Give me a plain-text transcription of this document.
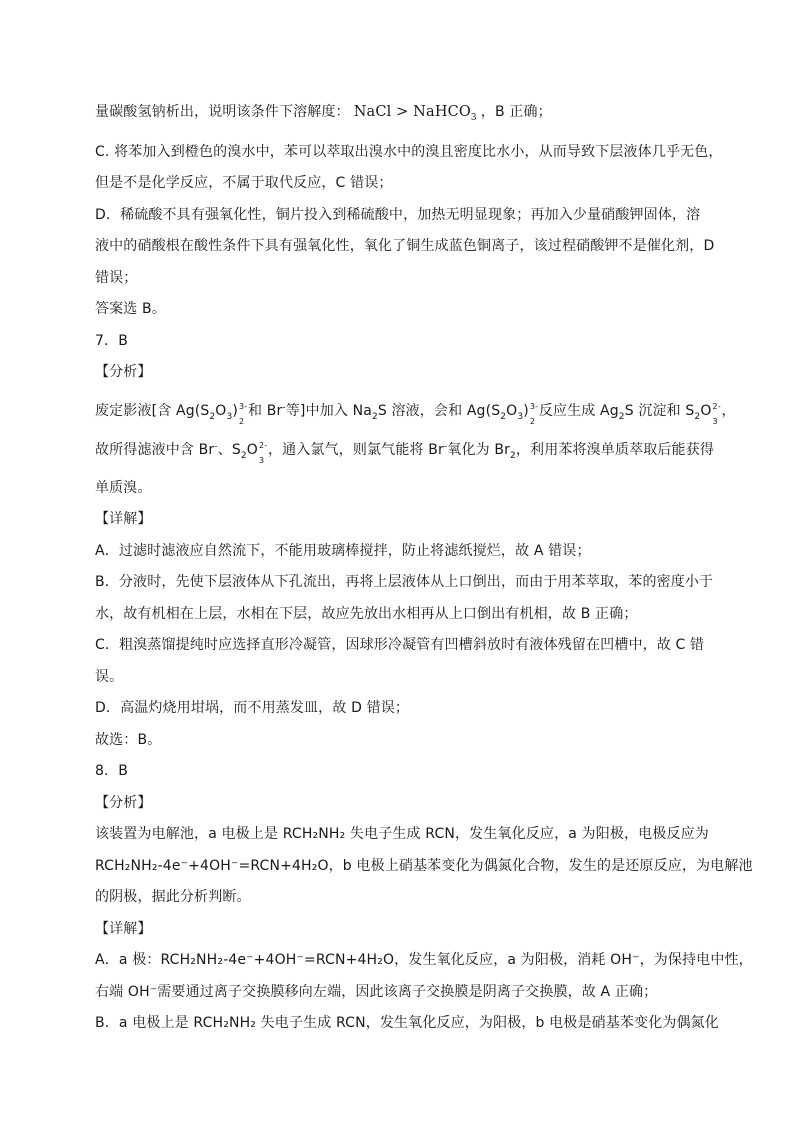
量碳酸氢钠析出，说明该条件下溶解度： NaCl > NaHCO$_3$ ，B 正确；
C. 将苯加入到橙色的溴水中，苯可以萃取出溴水中的溴且密度比水小，从而导致下层液体几乎无色，
但是不是化学反应，不属于取代反应，C 错误；
D．稀硫酸不具有强氧化性，铜片投入到稀硫酸中，加热无明显现象；再加入少量硝酸钾固体，溶
液中的硝酸根在酸性条件下具有强氧化性，氧化了铜生成蓝色铜离子，该过程硝酸钾不是催化剂，D
错误；
答案选 B。
7．B
【分析】
废定影液[含 $Ag(S_2O_3)$ 3-
2
和 Br-等]中加入 $Na_2S$ 溶液，会和 $Ag(S_2O_3)$ 3-
2
反应生成 $Ag_2S$ 沉淀和 $S_2O$ 2-
3
，
故所得滤液中含 Br-、$S_2O$ 2-
3
，通入氯气，则氯气能将 Br-氧化为 $Br_2$，利用苯将溴单质萃取后能获得
单质溴。
【详解】
A．过滤时滤液应自然流下，不能用玻璃棒搅拌，防止将滤纸搅烂，故 A 错误；
B．分液时，先使下层液体从下孔流出，再将上层液体从上口倒出，而由于用苯萃取，苯的密度小于
水，故有机相在上层，水相在下层，故应先放出水相再从上口倒出有机相，故 B 正确；
C．粗溴蒸馏提纯时应选择直形冷凝管，因球形冷凝管有凹槽斜放时有液体残留在凹槽中，故 C 错
误。
D．高温灼烧用坩埚，而不用蒸发皿，故 D 错误；
故选：B。
8．B
【分析】
该装置为电解池，a 电极上是 RCH₂NH₂ 失电子生成 RCN，发生氧化反应，a 为阳极，电极反应为
RCH₂NH₂-4e⁻+4OH⁻=RCN+4H₂O，b 电极上硝基苯变化为偶氮化合物，发生的是还原反应，为电解池
的阴极，据此分析判断。
【详解】
A．a 极：RCH₂NH₂-4e⁻+4OH⁻=RCN+4H₂O，发生氧化反应，a 为阳极，消耗 OH⁻，为保持电中性，
右端 OH⁻需要通过离子交换膜移向左端，因此该离子交换膜是阴离子交换膜，故 A 正确；
B．a 电极上是 RCH₂NH₂ 失电子生成 RCN，发生氧化反应，为阳极，b 电极是硝基苯变化为偶氮化
